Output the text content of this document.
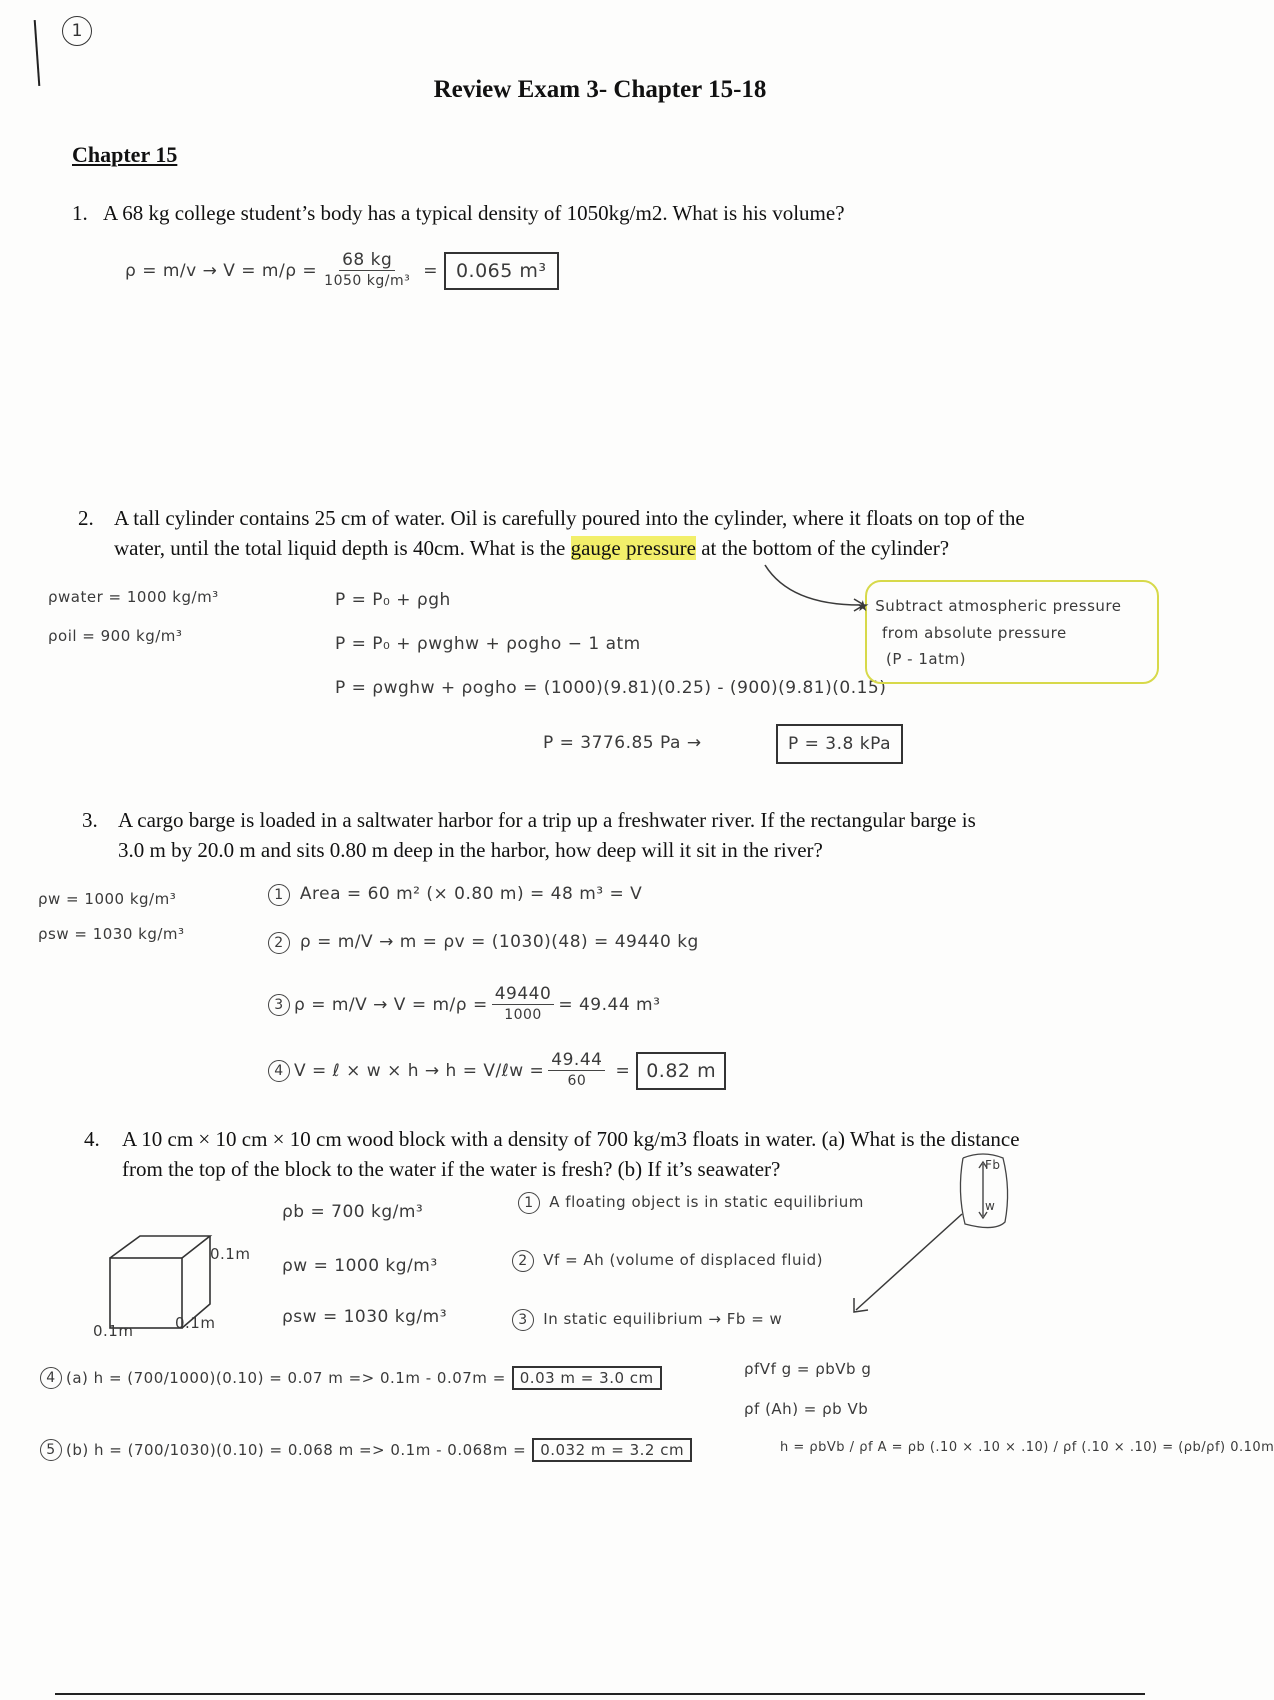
1
Review Exam 3- Chapter 15-18
Chapter 15
1. A 68 kg college student’s body has a typical density of 1050kg/m2. What is his volume?
$\rho = m/v \to V = m/\rho = \frac{68 kg}{\text{1050 kg/m³}} = 0.065$ m³
2. A tall cylinder contains 25 cm of water. Oil is carefully poured into the cylinder, where it floats on top of the
water, until the total liquid depth is 40cm. What is the gauge pressure at the bottom of the cylinder?
ρwater = 1000 kg/m³
ρoil = 900 kg/m³
P = P₀ + ρgh
P = P₀ + ρwghw + ρoghο − 1 atm
P = ρwghw + ρoghο = (1000)(9.81)(0.25) - (900)(9.81)(0.15)
P = 3776.85 Pa →	P = 3.8 kPa
★ Subtract atmospheric pressure
from absolute pressure
(P - 1atm)
3. A cargo barge is loaded in a saltwater harbor for a trip up a freshwater river. If the rectangular barge is
3.0 m by 20.0 m and sits 0.80 m deep in the harbor, how deep will it sit in the river?
ρw = 1000 kg/m³
ρsw = 1030 kg/m³
1 Area = 60 m² (× 0.80 m) = 48 m³ = V
2 ρ = m/V → m = ρv = (1030)(48) = 49440 kg
3 $\rho = m/V \to V = m/\rho = \frac{49440}{1000} = 49.44$ m³
4 V = ℓ × w × h → h = V/ℓw = $\frac{49.44}{60} = 0.82$ m
4. A 10 cm × 10 cm × 10 cm wood block with a density of 700 kg/m3 floats in water. (a) What is the distance
from the top of the block to the water if the water is fresh? (b) If it’s seawater?
0.1m
0.1m
0.1m
ρb = 700 kg/m³
ρw = 1000 kg/m³
ρsw = 1030 kg/m³
1 A floating object is in static equilibrium
2 Vf = Ah (volume of displaced fluid)
3 In static equilibrium → Fb = w
Fb
w
4 (a) h = (700/1000)(0.10) = 0.07 m => 0.1m - 0.07m = 0.03 m = 3.0 cm
5 (b) h = (700/1030)(0.10) = 0.068 m => 0.1m - 0.068m = 0.032 m = 3.2 cm
ρfVf g = ρbVb g
ρf (Ah) = ρb Vb
h = ρbVb / ρf A = ρb (.10 × .10 × .10) / ρf (.10 × .10) = (ρb/ρf) 0.10m
